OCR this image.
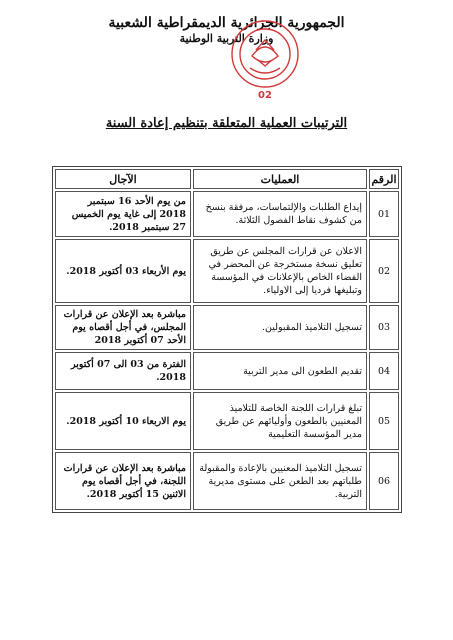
الجمهورية الجزائرية الديمقراطية الشعبية
وزارة التربية الوطنية
02
الترتيبات العملية المتعلقة بتنظيم إعادة السنة
الرقم	العمليات	الآجال
01	إيداع الطلبات والإلتماسات، مرفقة بنسخ من كشوف نقاط الفصول الثلاثة.	من يوم الأحد 16 سبتمبر 2018 إلى غاية يوم الخميس 27 سبتمبر 2018.
02	الاعلان عن قرارات المجلس عن طريق تعليق نسخة مستخرجة عن المحضر في الفضاء الخاص بالإعلانات في المؤسسة وتبليغها فرديا إلى الاولياء.	يوم الأربعاء 03 أكتوبر 2018.
03	تسجيل التلاميذ المقبولين.	مباشرة بعد الإعلان عن قرارات المجلس، في أجل أقصاه يوم الأحد 07 أكتوبر 2018
04	تقديم الطعون الى مدير التربية	الفترة من 03 الى 07 أكتوبر 2018.
05	تبلغ قرارات اللجنة الخاصة للتلاميذ المعنيين بالطعون وأوليائهم عن طريق مدير المؤسسة التعليمية	يوم الاربعاء 10 أكتوبر 2018.
06	تسجيل التلاميذ المعنيين بالإعادة والمقبولة طلباتهم بعد الطعن على مستوى مديرية التربية.	مباشرة بعد الإعلان عن قرارات اللجنة، في أجل أقصاه يوم الاثنين 15 أكتوبر 2018.
